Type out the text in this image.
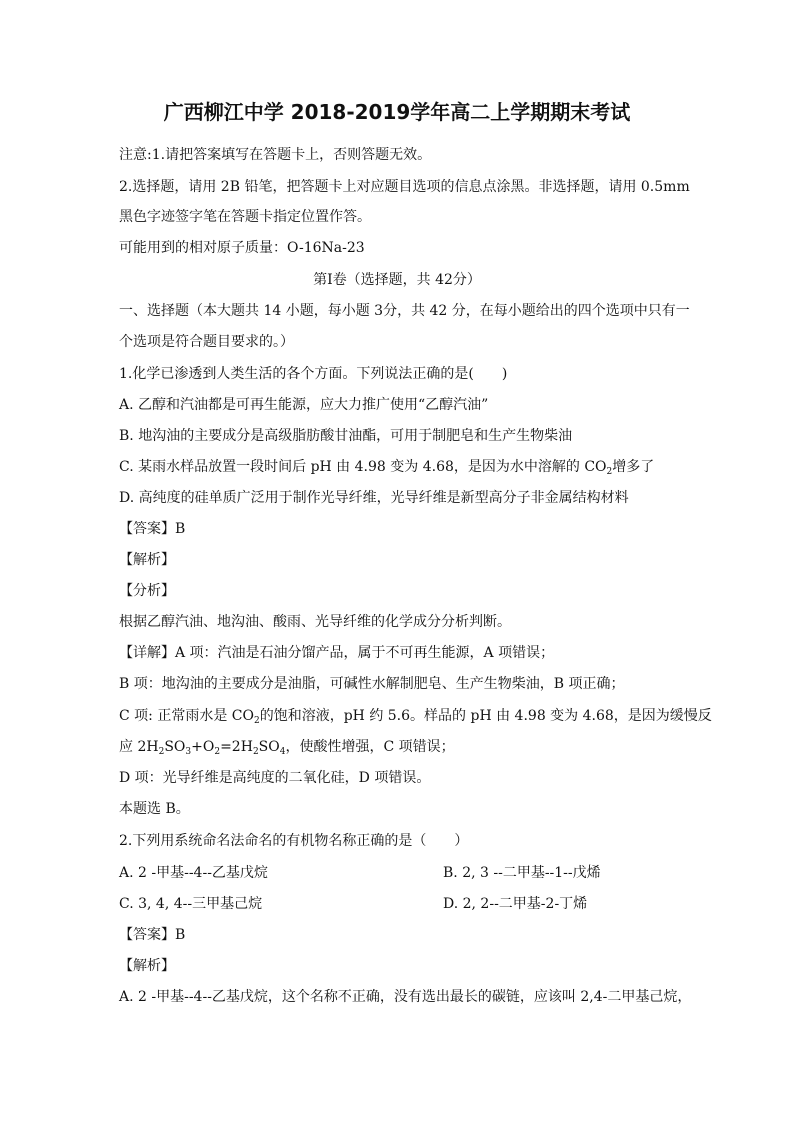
广西柳江中学 2018-2019学年高二上学期期末考试
注意:1.请把答案填写在答题卡上，否则答题无效。
2.选择题，请用 2B 铅笔，把答题卡上对应题目选项的信息点涂黑。非选择题，请用 0.5mm
黑色字迹签字笔在答题卡指定位置作答。
可能用到的相对原子质量：O-16Na-23
第Ⅰ卷（选择题，共 42分）
一、选择题（本大题共 14 小题，每小题 3分，共 42 分，在每小题给出的四个选项中只有一
个选项是符合题目要求的。）
1.化学已渗透到人类生活的各个方面。下列说法正确的是(　　)
A. 乙醇和汽油都是可再生能源，应大力推广使用“乙醇汽油”
B. 地沟油的主要成分是高级脂肪酸甘油酯，可用于制肥皂和生产生物柴油
C. 某雨水样品放置一段时间后 pH 由 4.98 变为 4.68，是因为水中溶解的 $CO_2$增多了
D. 高纯度的硅单质广泛用于制作光导纤维，光导纤维是新型高分子非金属结构材料
【答案】B
【解析】
【分析】
根据乙醇汽油、地沟油、酸雨、光导纤维的化学成分分析判断。
【详解】A 项：汽油是石油分馏产品，属于不可再生能源，A 项错误；
B 项：地沟油的主要成分是油脂，可碱性水解制肥皂、生产生物柴油，B 项正确；
C 项: 正常雨水是 $CO_2$的饱和溶液，pH 约 5.6。样品的 pH 由 4.98 变为 4.68，是因为缓慢反
应 $2H_2SO_3+O_2=2H_2SO_4$，使酸性增强，C 项错误；
D 项：光导纤维是高纯度的二氧化硅，D 项错误。
本题选 B。
2.下列用系统命名法命名的有机物名称正确的是（　　）
A. 2 -甲基--4--乙基戊烷	B. 2, 3 --二甲基--1--戊烯
C. 3, 4, 4--三甲基己烷	D. 2, 2--二甲基-2-丁烯
【答案】B
【解析】
A. 2 -甲基--4--乙基戊烷，这个名称不正确，没有选出最长的碳链，应该叫 2,4-二甲基己烷，
